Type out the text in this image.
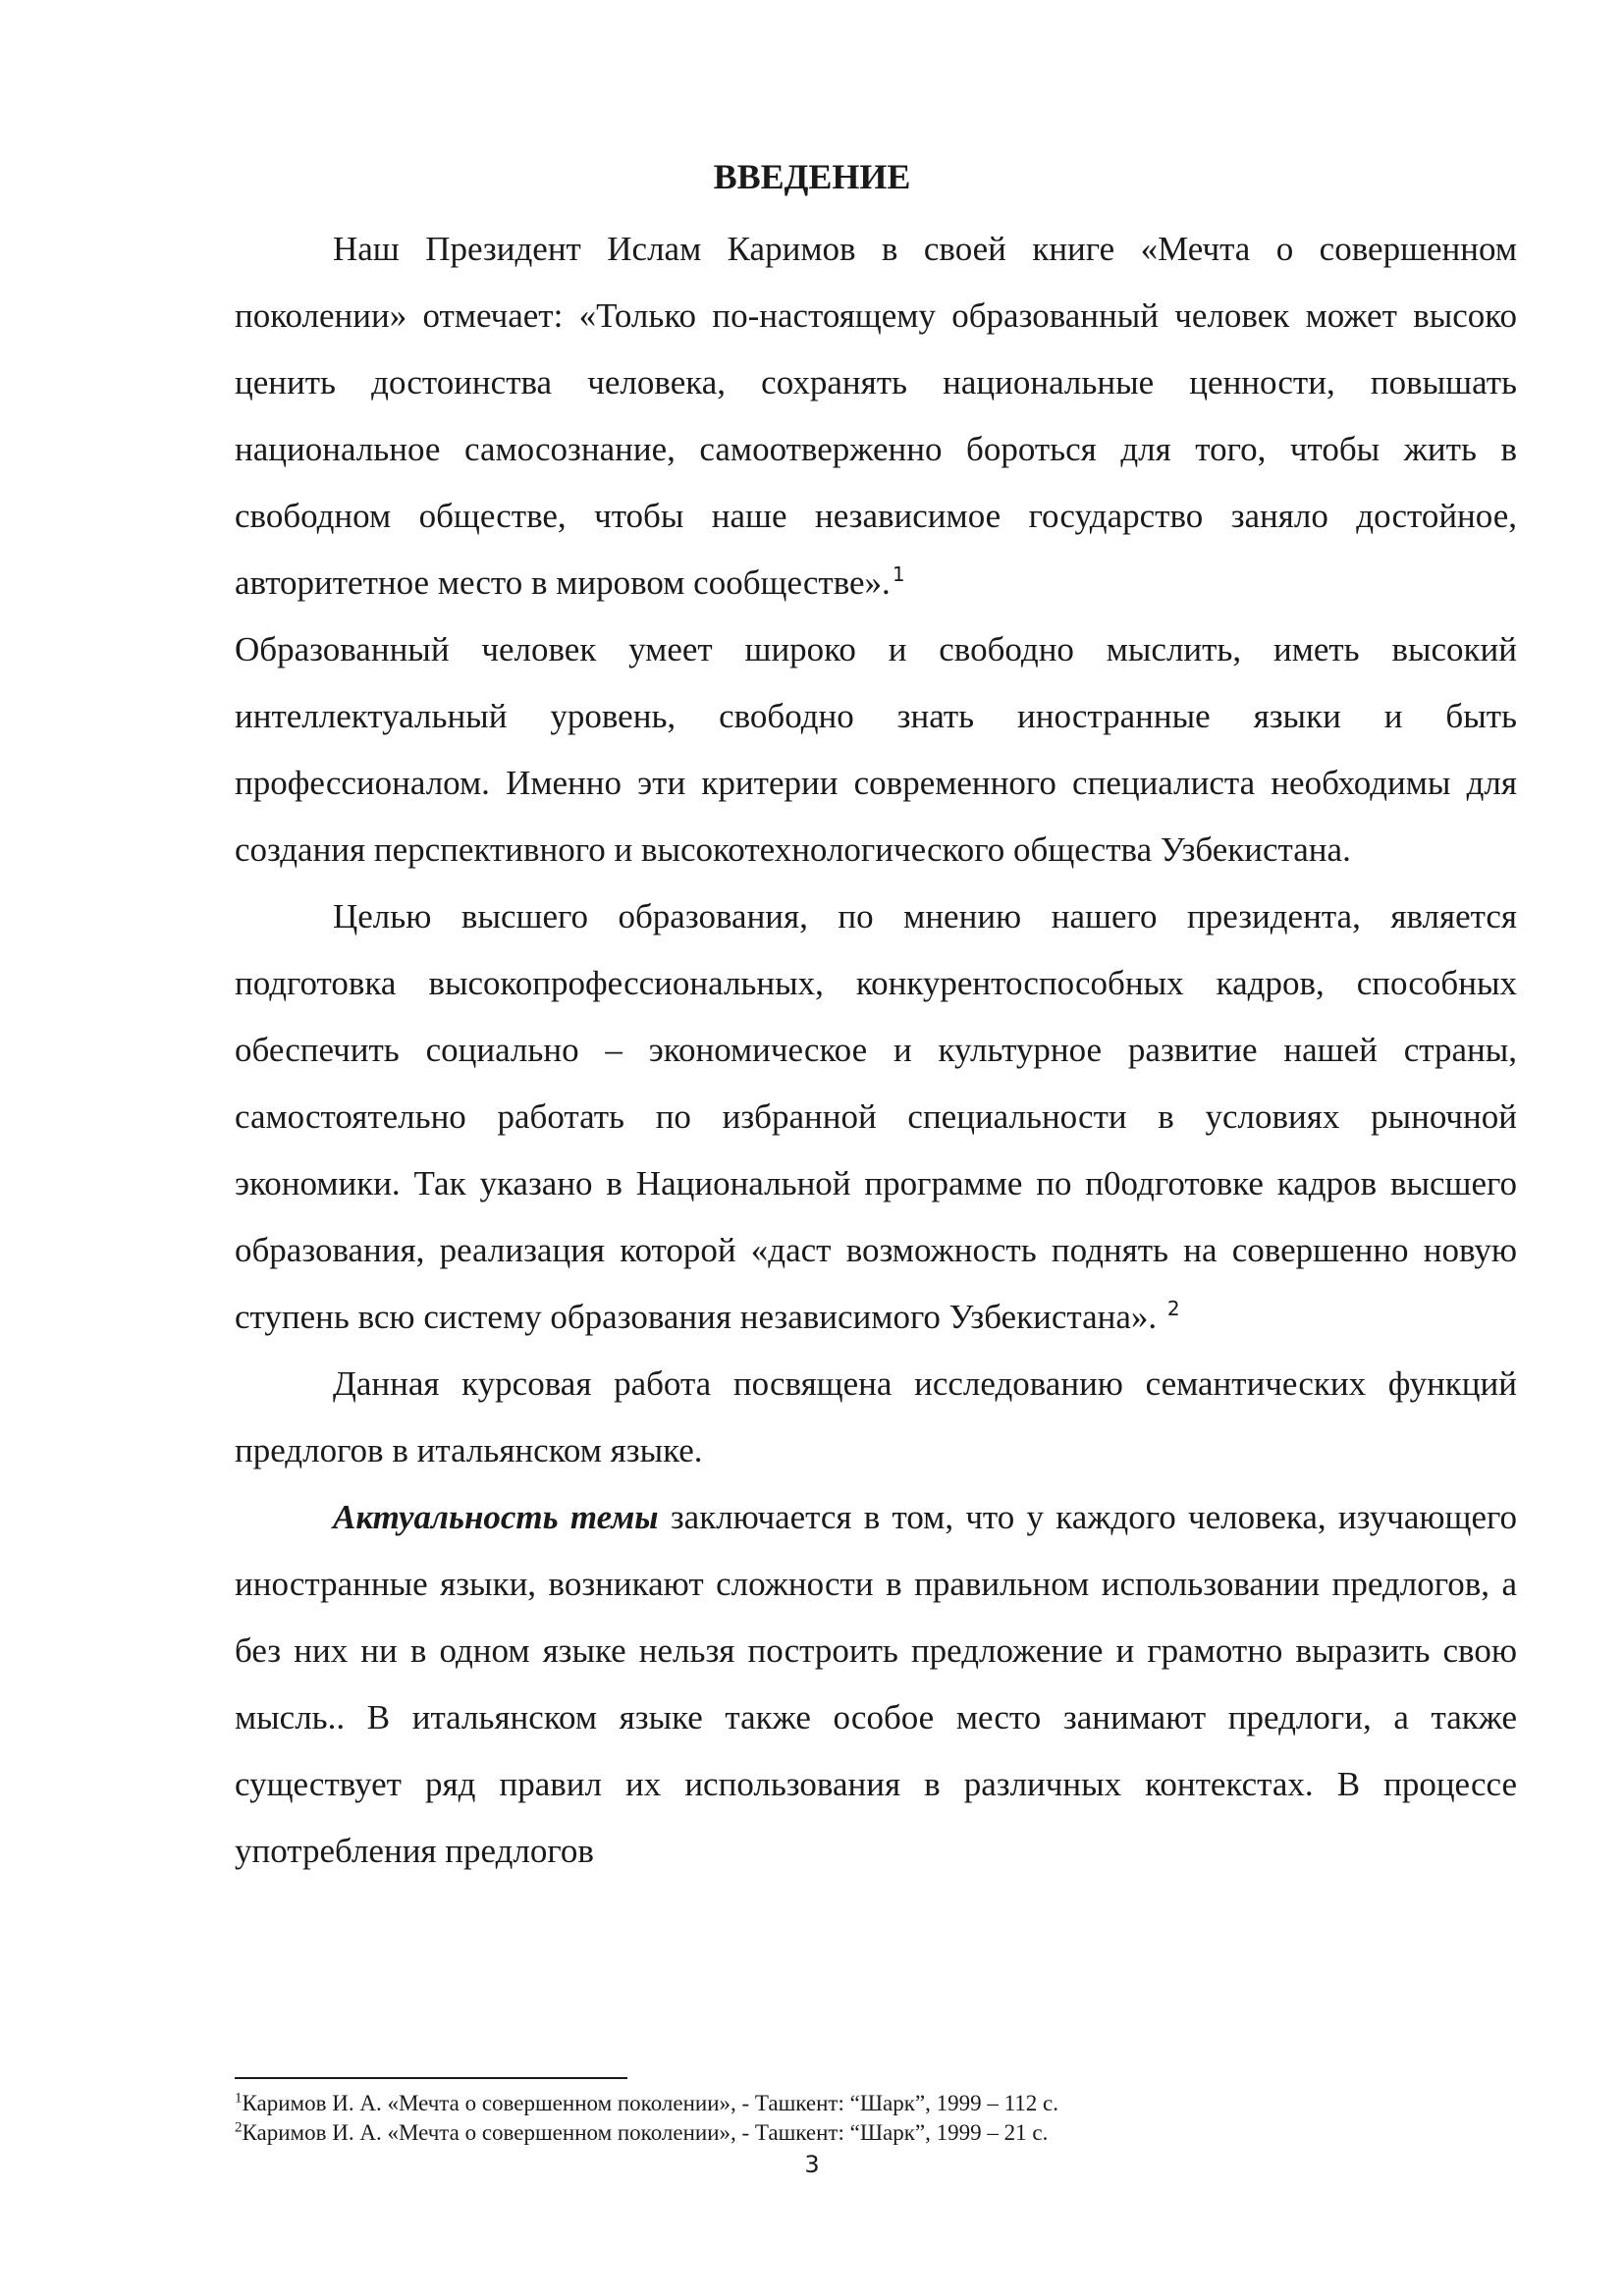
ВВЕДЕНИЕ

Наш Президент Ислам Каримов в своей книге «Мечта о совершенном поколении» отмечает: «Только по-настоящему образованный человек может высоко ценить достоинства человека, сохранять национальные ценности, повышать национальное самосознание, самоотверженно бороться для того, чтобы жить в свободном обществе, чтобы наше независимое государство заняло достойное, авторитетное место в мировом сообществе». $^1$

Образованный человек умеет широко и свободно мыслить, иметь высокий интеллектуальный уровень, свободно знать иностранные языки и быть профессионалом. Именно эти критерии современного специалиста необходимы для создания перспективного и высокотехнологического общества Узбекистана.

Целью высшего образования, по мнению нашего президента, является подготовка высокопрофессиональных, конкурентоспособных кадров, способных обеспечить социально – экономическое и культурное развитие нашей страны, самостоятельно работать по избранной специальности в условиях рыночной экономики. Так указано в Национальной программе по п0одготовке кадров высшего образования, реализация которой «даст возможность поднять на совершенно новую ступень всю систему образования независимого Узбекистана». $^2$

Данная курсовая работа посвящена исследованию семантических функций предлогов в итальянском языке.

Актуальность темы заключается в том, что у каждого человека, изучающего иностранные языки, возникают сложности в правильном использовании предлогов, а без них ни в одном языке нельзя построить предложение и грамотно выразить свою мысль.. В итальянском языке также особое место занимают предлоги, а также существует ряд правил их использования в различных контекстах. В процессе употребления предлогов

$^1$Каримов И. А. «Мечта о совершенном поколении», - Ташкент: “Шарк”, 1999 – 112 с.

$^2$Каримов И. А. «Мечта о совершенном поколении», - Ташкент: “Шарк”, 1999 – 21 с.

3
